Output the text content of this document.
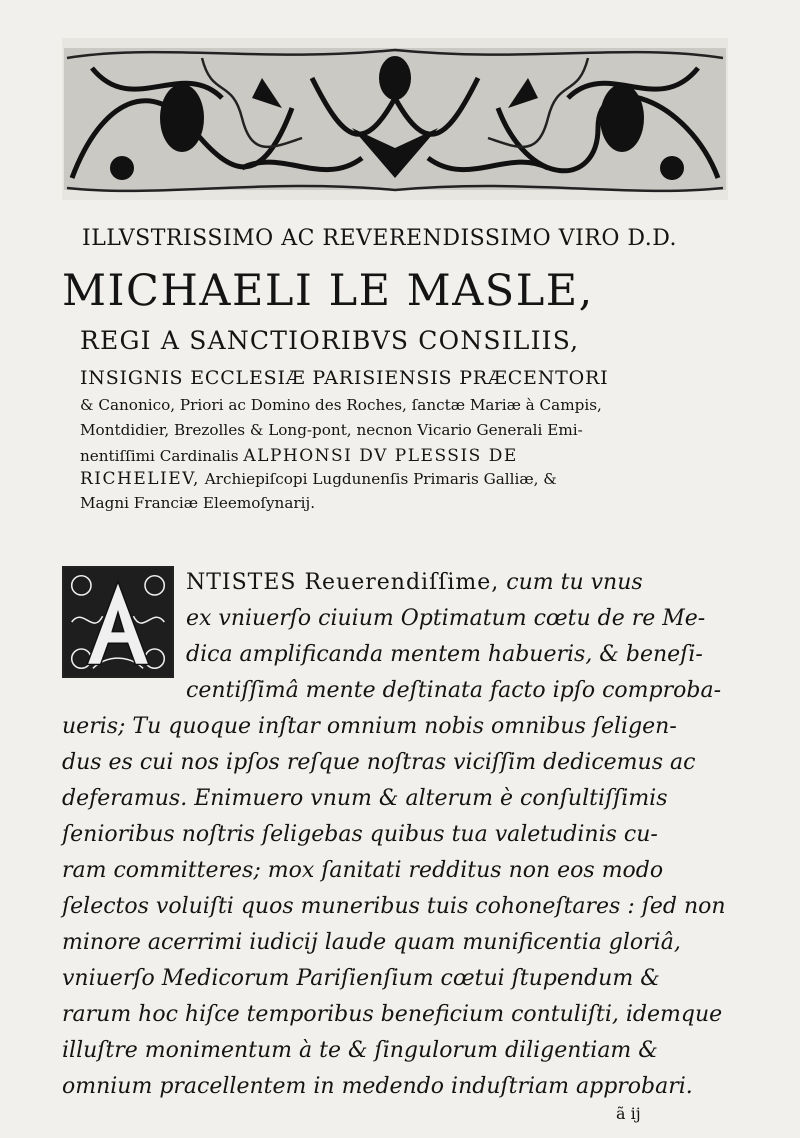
ILLVSTRISSIMO AC REVERENDISSIMO VIRO D.D.
MICHAELI LE MASLE,
REGI A SANCTIORIBVS CONSILIIS,
INSIGNIS ECCLESIÆ PARISIENSIS PRÆCENTORI
& Canonico, Priori ac Domino des Roches, ſanctæ Mariæ à Campis,
Montdidier, Brezolles & Long-pont, necnon Vicario Generali Emi-
nentiſſimi Cardinalis ALPHONSI DV PLESSIS DE
RICHELIEV, Archiepiſcopi Lugdunenſis Primaris Galliæ, &
Magni Franciæ Eleemoſynarij.
NTISTES Reuerendiſſime, cum tu vnus
ex vniuerſo ciuium Optimatum cœtu de re Me-
dica amplificanda mentem habueris, & beneſi-
centiſſimâ mente deſtinata facto ipſo comproba-
ueris; Tu quoque inſtar omnium nobis omnibus ſeligen-
dus es cui nos ipſos reſque noſtras viciſſim dedicemus ac
deferamus. Enimuero vnum & alterum è conſultiſſimis
ſenioribus noſtris ſeligebas quibus tua valetudinis cu-
ram committeres; mox ſanitati redditus non eos modo
ſelectos voluiſti quos muneribus tuis cohoneſtares : ſed non
minore acerrimi iudicij laude quam munificentia gloriâ,
vniuerſo Medicorum Pariſienſium cœtui ſtupendum &
rarum hoc hiſce temporibus beneficium contuliſti, idemque
illuſtre monimentum à te & ſingulorum diligentiam &
omnium pracellentem in medendo induſtriam approbari.
ã ij
